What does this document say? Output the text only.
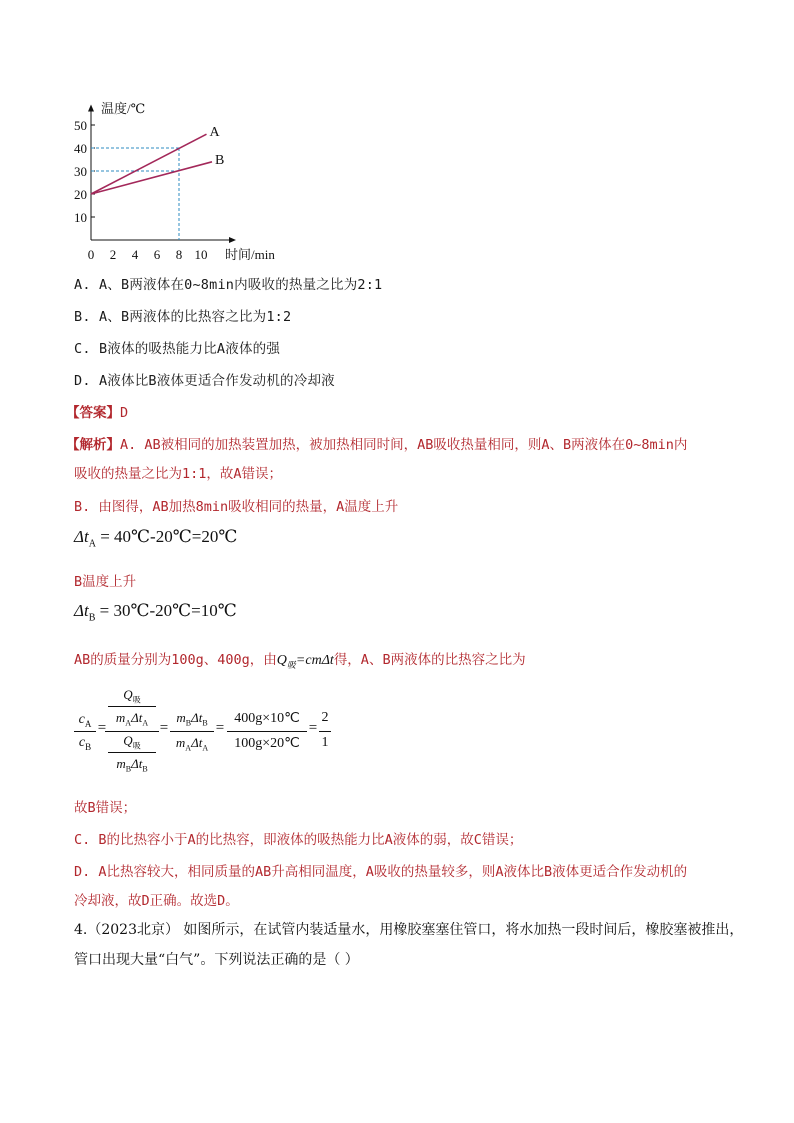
10
20
30
40
50
0 2 4 6 8 10
温度/℃
时间/min
A
B
A. A、B两液体在0~8min内吸收的热量之比为2:1
B. A、B两液体的比热容之比为1:2
C. B液体的吸热能力比A液体的强
D. A液体比B液体更适合作发动机的冷却液
【答案】D
【解析】A. AB被相同的加热装置加热，被加热相同时间，AB吸收热量相同，则A、B两液体在0~8min内
吸收的热量之比为1:1，故A错误；
B. 由图得，AB加热8min吸收相同的热量，A温度上升
$\Delta t_A$ = 40℃-20℃=20℃
B温度上升
$\Delta t_B$ = 30℃-20℃=10℃
AB的质量分别为100g、400g，由$Q_吸=cm\Delta t$得，A、B两液体的比热容之比为
$c_A$
$c_B$
=
$Q_吸$
$m_A\Delta t_A$
$Q_吸$
$m_B\Delta t_B$
=
$m_B\Delta t_B$
$m_A\Delta t_A$
=
400g×10℃
100g×20℃
=
2
1
故B错误；
C. B的比热容小于A的比热容，即液体的吸热能力比A液体的弱，故C错误；
D. A比热容较大，相同质量的AB升高相同温度，A吸收的热量较多，则A液体比B液体更适合作发动机的
冷却液，故D正确。故选D。
4.（2023北京） 如图所示，在试管内装适量水，用橡胶塞塞住管口，将水加热一段时间后，橡胶塞被推出，
管口出现大量“白气”。下列说法正确的是（ ）
